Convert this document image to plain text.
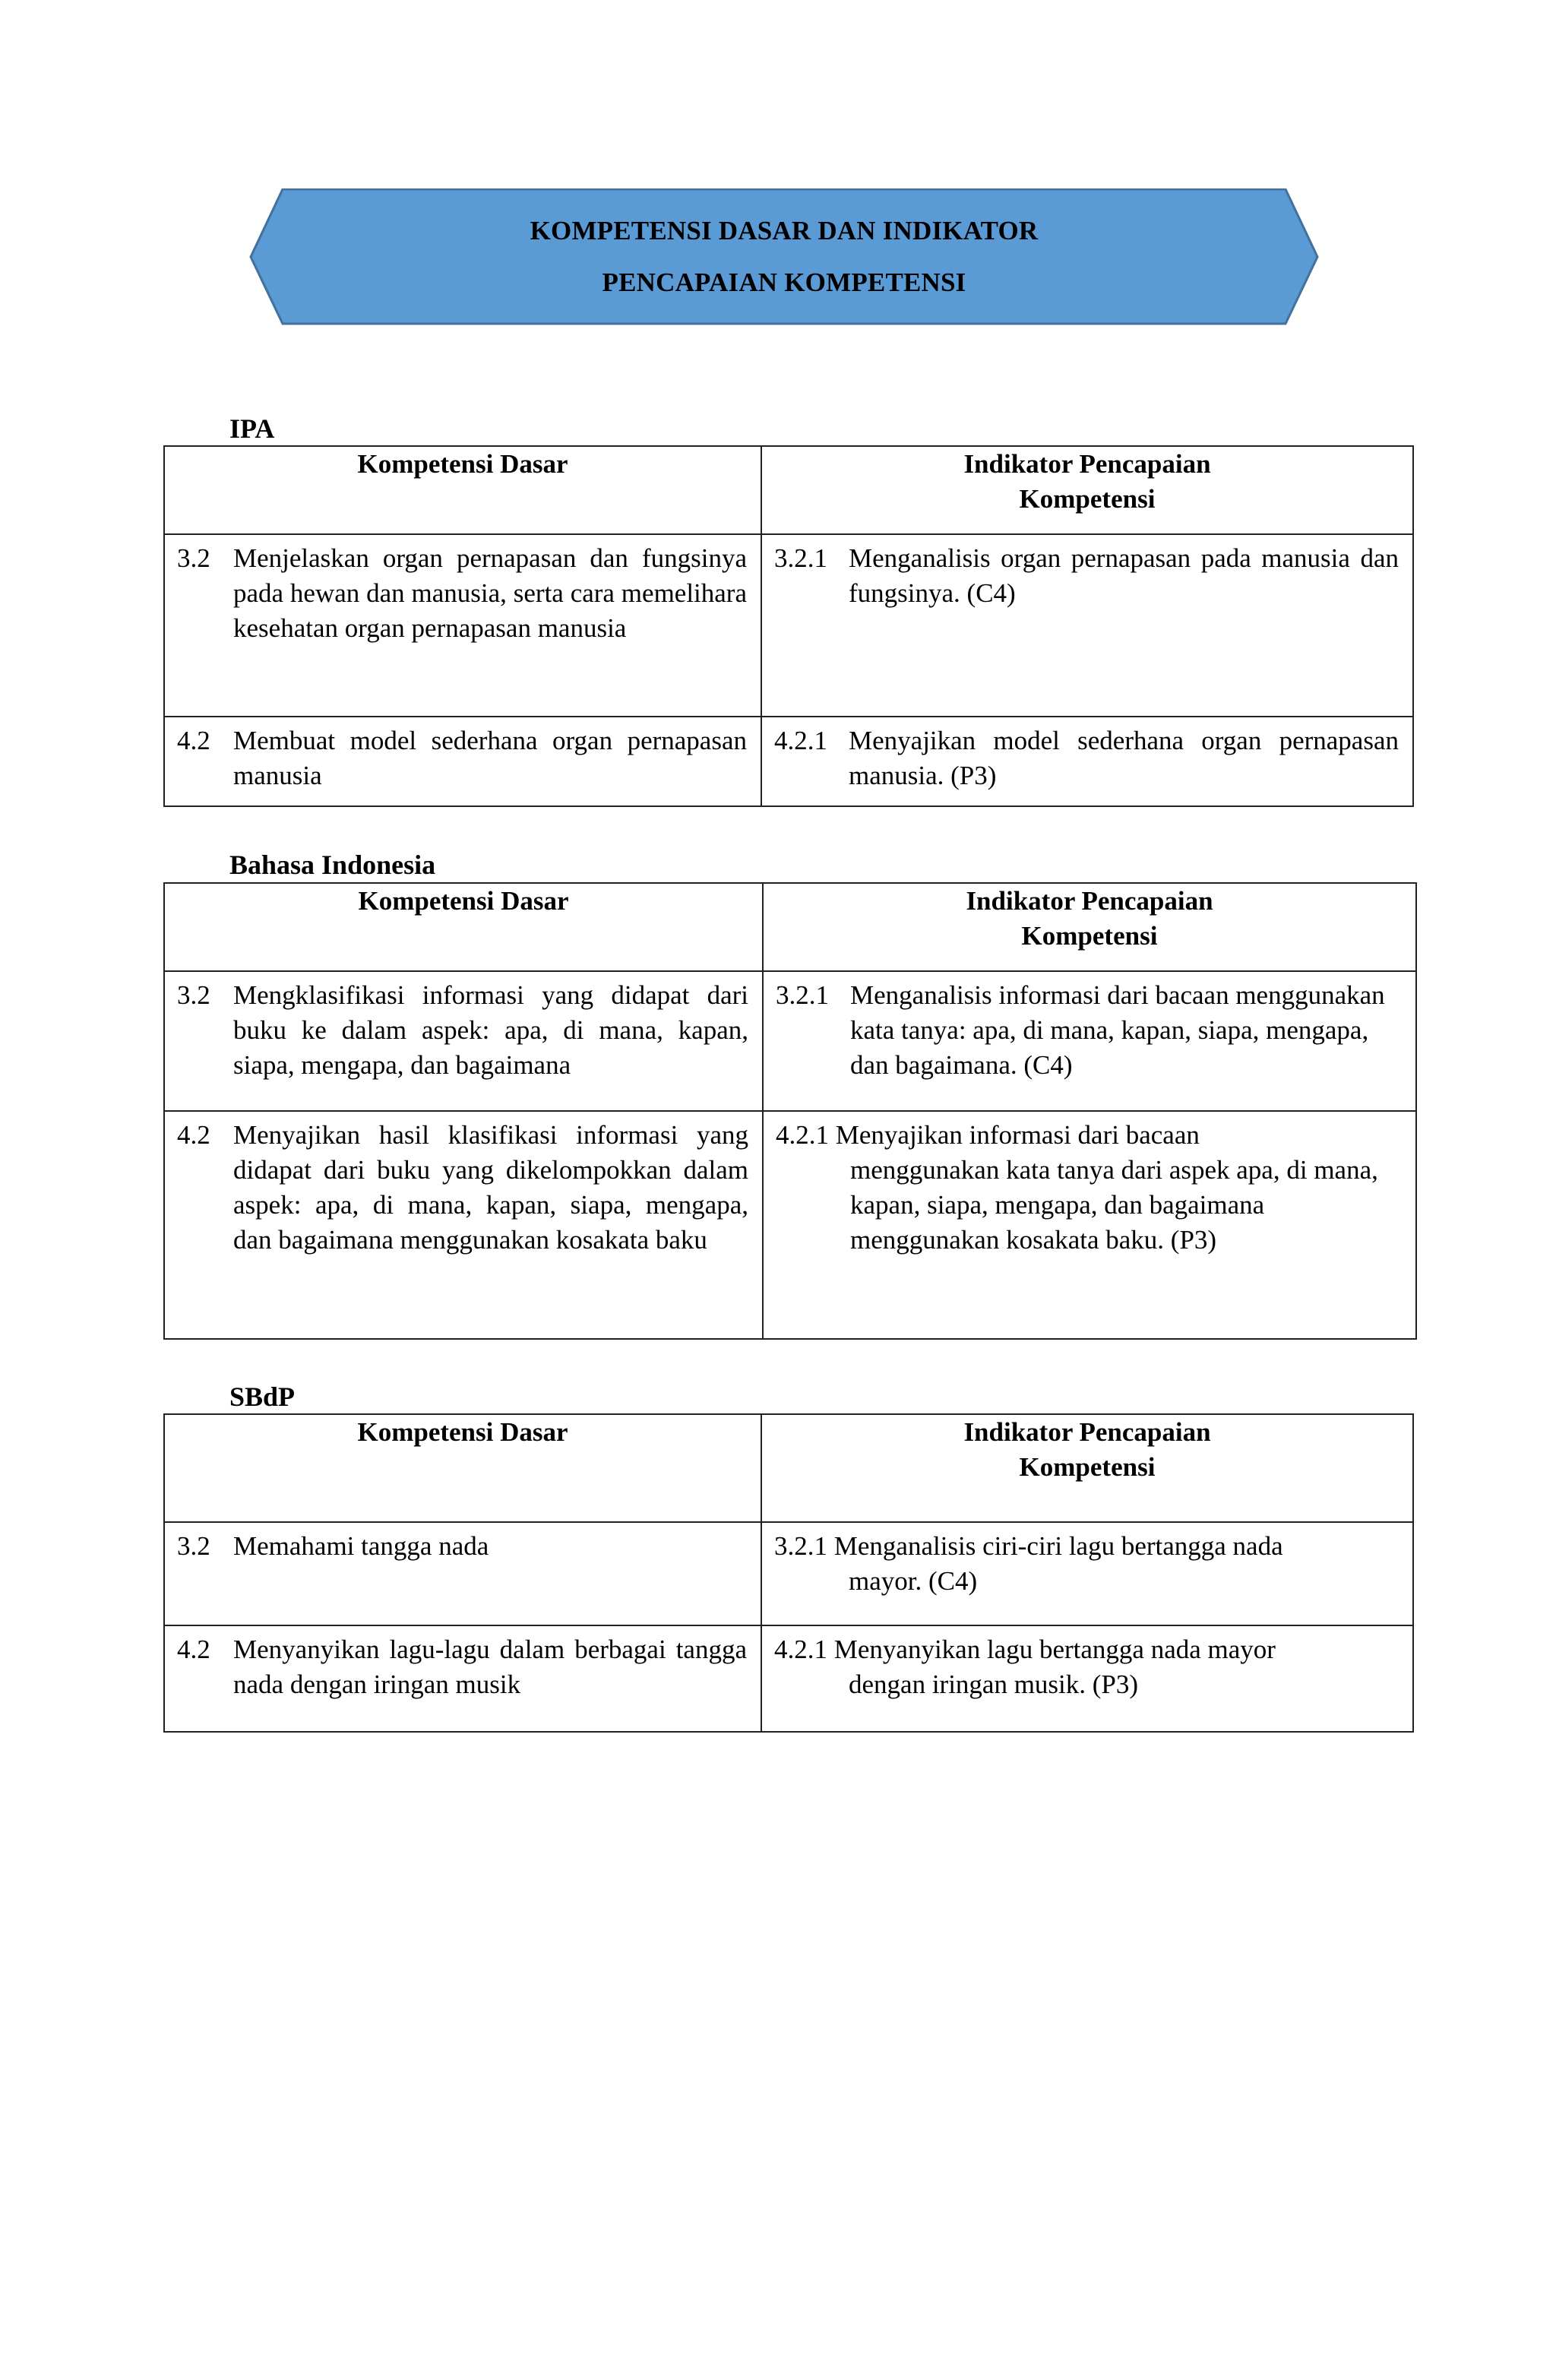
KOMPETENSI DASAR DAN INDIKATOR
PENCAPAIAN KOMPETENSI
IPA
Kompetensi Dasar	Indikator Pencapaian
Kompetensi

3.2 Menjelaskan organ pernapasan dan fungsinya pada hewan dan manusia, serta cara memelihara kesehatan organ pernapasan manusia	3.2.1 Menganalisis organ pernapasan pada manusia dan fungsinya. (C4)

4.2 Membuat model sederhana organ pernapasan manusia	4.2.1 Menyajikan model sederhana organ pernapasan manusia. (P3)
Bahasa Indonesia
Kompetensi Dasar	Indikator Pencapaian
Kompetensi

3.2 Mengklasifikasi informasi yang didapat dari buku ke dalam aspek: apa, di mana, kapan, siapa, mengapa, dan bagaimana	3.2.1 Menganalisis informasi dari bacaan menggunakan kata tanya: apa, di mana, kapan, siapa, mengapa, dan bagaimana. (C4)

4.2 Menyajikan hasil klasifikasi informasi yang didapat dari buku yang dikelompokkan dalam aspek: apa, di mana, kapan, siapa, mengapa, dan bagaimana menggunakan kosakata baku	4.2.1 Menyajikan informasi dari bacaan
menggunakan kata tanya dari aspek apa, di mana, kapan, siapa, mengapa, dan bagaimana menggunakan kosakata baku. (P3)
SBdP
Kompetensi Dasar	Indikator Pencapaian
Kompetensi

3.2 Memahami tangga nada	3.2.1 Menganalisis ciri-ciri lagu bertangga nada
mayor. (C4)

4.2 Menyanyikan lagu-lagu dalam berbagai tangga nada dengan iringan musik	4.2.1 Menyanyikan lagu bertangga nada mayor
dengan iringan musik. (P3)
